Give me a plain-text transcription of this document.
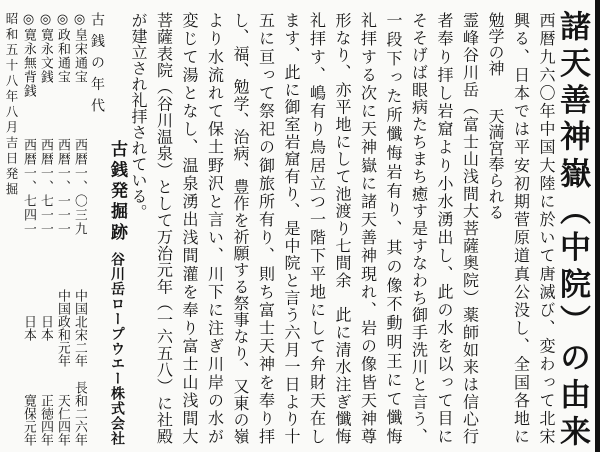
諸天善神嶽（中院）の由来
西暦九六〇年中国大陸に於いて唐滅び、変わって北宋
興る、日本では平安初期菅原道真公没し、全国各地に
勉学の神　　天満宮奉られる
霊峰谷川岳（富士山浅間大菩薩奥院）薬師如来は信心行
者奉り拝し岩窟より小水湧出し、此の水を以って目に
そそげば眼病たちまち癒す是すなわち御手洗川と言う、
一段下った所懺悔岩有り、其の像不動明王にて懺悔
礼拝する次に天神嶽に諸天善神現れ、岩の像皆天神尊
形なり、亦平地にして池渡り七間余　此に清水注ぎ懺悔
礼拝す、嶋有り鳥居立つ一階下平地にして弁財天在し
ます、此に御室岩窟有り、是中院と言う六月一日より十
五に亘って祭祀の御旅所有り、則ち富士天神を奉り拝
し、福、勉学、治病、豊作を祈願する祭事なり、又東の嶺
より水流れて保土野沢と言い、川下に注ぎ川岸の水が
変じて湯となし、温泉湧出浅間灌を奉り富士山浅間大
菩薩表院（谷川温泉）として万治元年（一六五八）に社殿
が建立され礼拝されている。
古銭発掘跡
谷川岳ロープウエー株式会社
古銭の年代
◎皇宋通宝
西暦一、〇三九
中国北宋二年
長和二六年
◎政和通宝
西暦一、一一一
中国政和元年
天仁四年
◎寛永文銭
西暦一、七一一
日本
正徳四年
◎寛永無背銭
西暦一、七四一
日本
寛保元年
昭和五十八年八月吉日発掘
